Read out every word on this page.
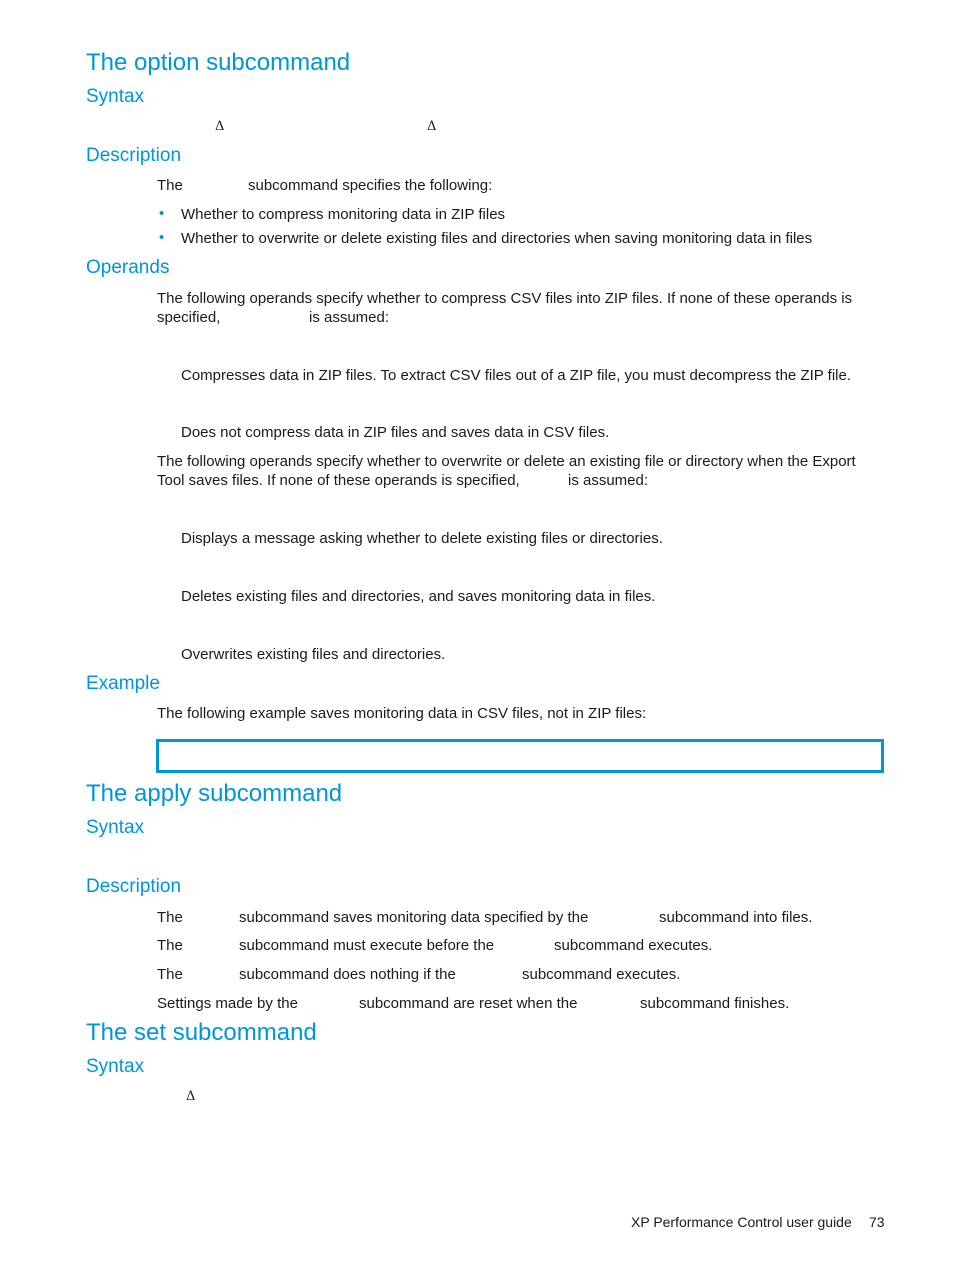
The option subcommand
Syntax
Δ	Δ
Description
The	subcommand specifies the following:
• Whether to compress monitoring data in ZIP files
• Whether to overwrite or delete existing files and directories when saving monitoring data in files
Operands
The following operands specify whether to compress CSV files into ZIP files. If none of these operands is
specified,	is assumed:
Compresses data in ZIP files. To extract CSV files out of a ZIP file, you must decompress the ZIP file.
Does not compress data in ZIP files and saves data in CSV files.
The following operands specify whether to overwrite or delete an existing file or directory when the Export
Tool saves files. If none of these operands is specified,	is assumed:
Displays a message asking whether to delete existing files or directories.
Deletes existing files and directories, and saves monitoring data in files.
Overwrites existing files and directories.
Example
The following example saves monitoring data in CSV files, not in ZIP files:
The apply subcommand
Syntax
Description
The	subcommand saves monitoring data specified by the	subcommand into files.
The	subcommand must execute before the	subcommand executes.
The	subcommand does nothing if the	subcommand executes.
Settings made by the	subcommand are reset when the	subcommand finishes.
The set subcommand
Syntax
Δ
XP Performance Control user guide 73
